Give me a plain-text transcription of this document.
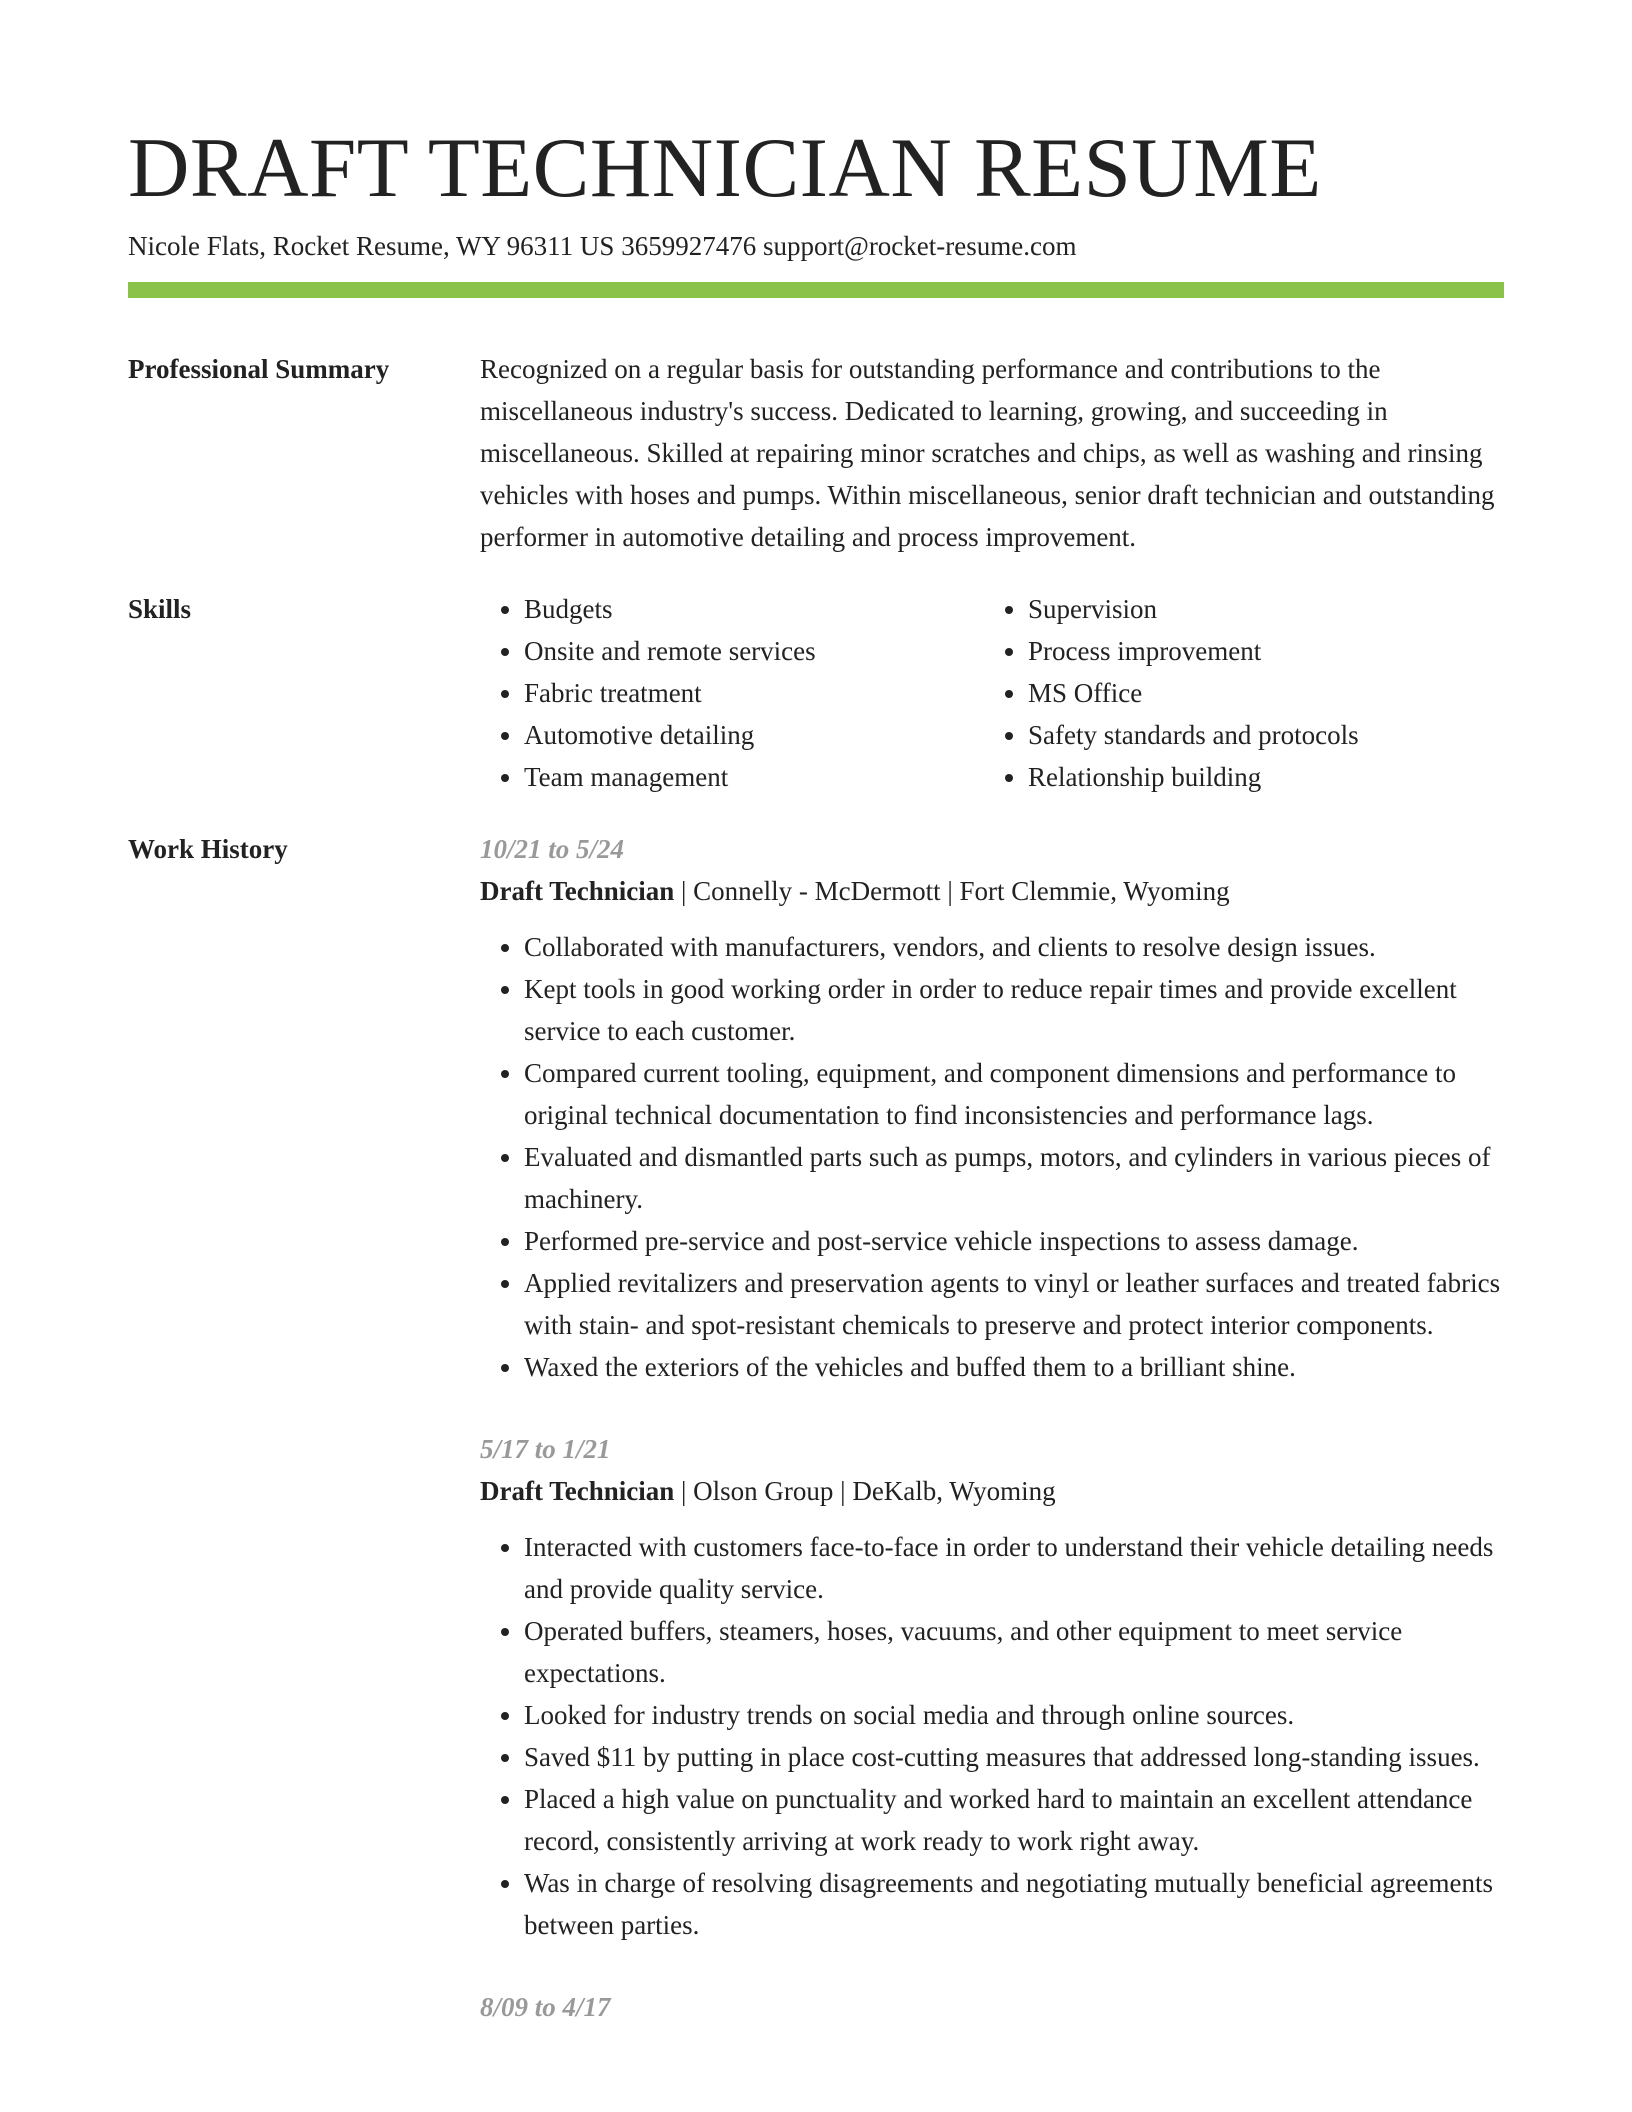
DRAFT TECHNICIAN RESUME
Nicole Flats, Rocket Resume, WY 96311 US 3659927476 support@rocket-resume.com
Professional Summary	Recognized on a regular basis for outstanding performance and contributions to the miscellaneous industry's success. Dedicated to learning, growing, and succeeding in miscellaneous. Skilled at repairing minor scratches and chips, as well as washing and rinsing vehicles with hoses and pumps. Within miscellaneous, senior draft technician and outstanding performer in automotive detailing and process improvement.

Skills
•	Budgets
• Onsite and remote services
• Fabric treatment
• Automotive detailing
• Team management
• Supervision
• Process improvement
• MS Office
• Safety standards and protocols
• Relationship building
Work History	10/21 to 5/24
Draft Technician | Connelly - McDermott | Fort Clemmie, Wyoming
• Collaborated with manufacturers, vendors, and clients to resolve design issues.
• Kept tools in good working order in order to reduce repair times and provide excellent service to each customer.
• Compared current tooling, equipment, and component dimensions and performance to original technical documentation to find inconsistencies and performance lags.
• Evaluated and dismantled parts such as pumps, motors, and cylinders in various pieces of machinery.
• Performed pre-service and post-service vehicle inspections to assess damage.
• Applied revitalizers and preservation agents to vinyl or leather surfaces and treated fabrics with stain- and spot-resistant chemicals to preserve and protect interior components.
• Waxed the exteriors of the vehicles and buffed them to a brilliant shine.
5/17 to 1/21
Draft Technician | Olson Group | DeKalb, Wyoming
• Interacted with customers face-to-face in order to understand their vehicle detailing needs and provide quality service.
• Operated buffers, steamers, hoses, vacuums, and other equipment to meet service expectations.
• Looked for industry trends on social media and through online sources.
• Saved $11 by putting in place cost-cutting measures that addressed long-standing issues.
• Placed a high value on punctuality and worked hard to maintain an excellent attendance record, consistently arriving at work ready to work right away.
• Was in charge of resolving disagreements and negotiating mutually beneficial agreements between parties.
8/09 to 4/17
